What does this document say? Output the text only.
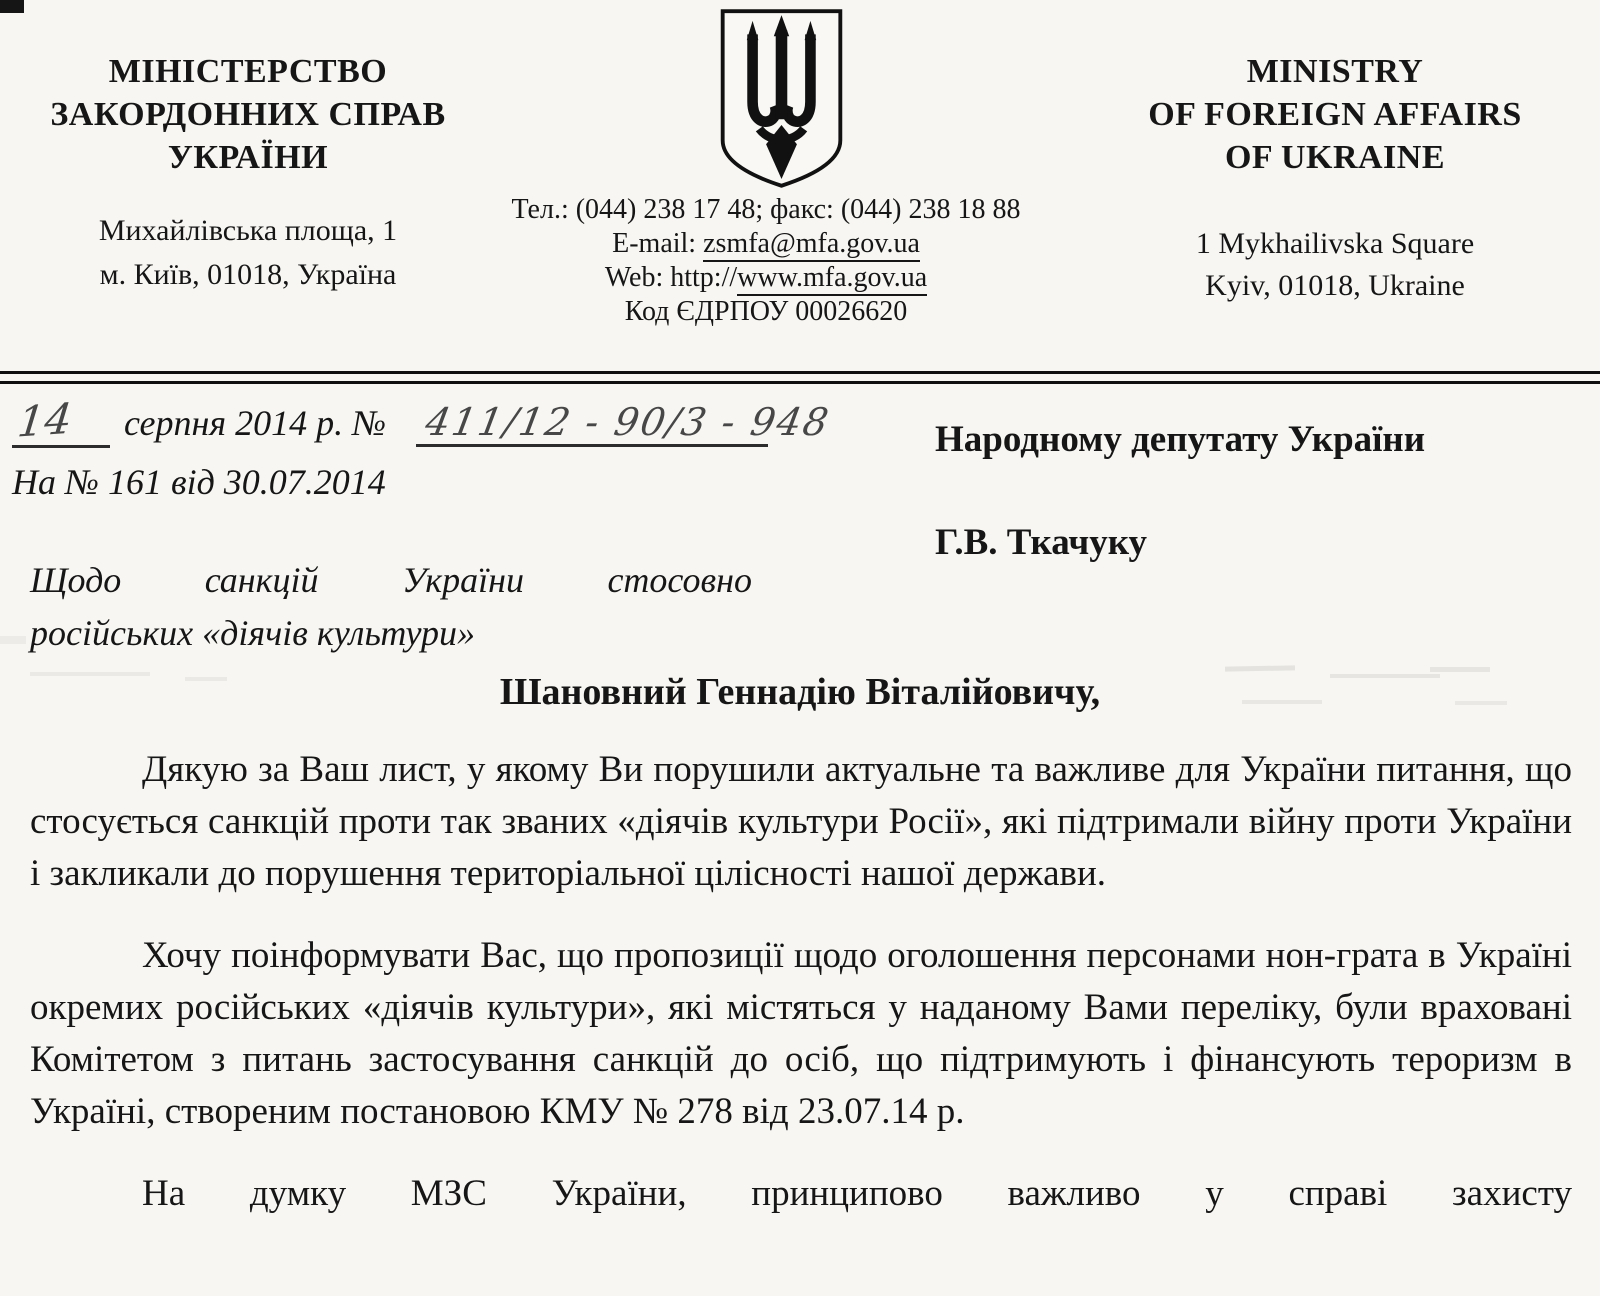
МІНІСТЕРСТВО
ЗАКОРДОННИХ СПРАВ
УКРАЇНИ
Михайлівська площа, 1
м. Київ, 01018, Україна
Тел.: (044) 238 17 48; факс: (044) 238 18 88
E-mail: zsmfa@mfa.gov.ua
Web: http://www.mfa.gov.ua
Код ЄДРПОУ 00026620
MINISTRY
OF FOREIGN AFFAIRS
OF UKRAINE
1 Mykhailivska Square
Kyiv, 01018, Ukraine
14	серпня 2014 р. № 411/12 - 90/3 - 948
На № 161 від 30.07.2014
Народному депутату України
Г.В. Ткачуку
Щодо санкцій України стосовно
російських «діячів культури»
Шановний Геннадію Віталійовичу,

Дякую за Ваш лист, у якому Ви порушили актуальне та важливе для України питання, що стосується санкцій проти так званих «діячів культури Росії», які підтримали війну проти України і закликали до порушення територіальної цілісності нашої держави.

Хочу поінформувати Вас, що пропозиції щодо оголошення персонами нон-грата в Україні окремих російських «діячів культури», які містяться у наданому Вами переліку, були враховані Комітетом з питань застосування санкцій до осіб, що підтримують і фінансують тероризм в Україні, створеним постановою КМУ № 278 від 23.07.14 р.

На думку МЗС України, принципово важливо у справі захисту
